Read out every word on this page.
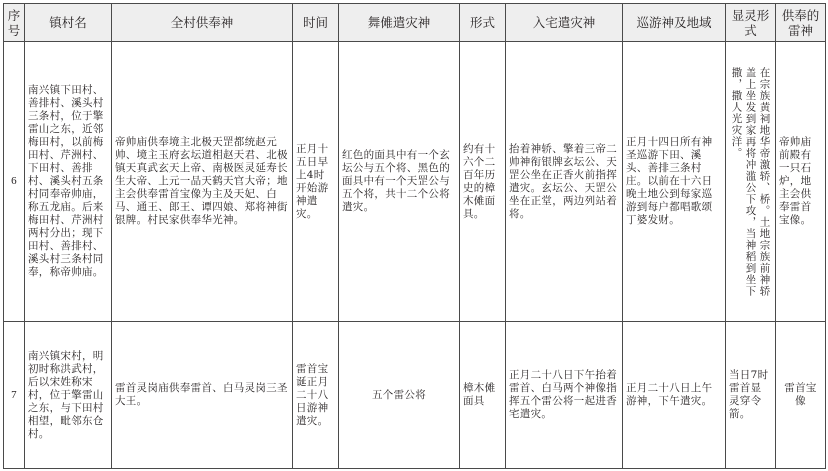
序号	镇村名	全村供奉神	时间	舞傩遣灾神	形式	入宅遣灾神	巡游神及地域	显灵形式	供奉的雷神
6	南兴镇下田村、善排村、溪头村三条村，位于擎雷山之东，近邻梅田村，以前梅田村、芹洲村、下田村、善排村、溪头村五条村同奉帝帅庙，称五龙庙。后来梅田村、芹洲村两村分出；现下田村、善排村、溪头村三条村同奉，称帝帅庙。	帝帅庙供奉境主北极天罡都统赵元帅、境主玉府玄坛道相赵天君、北极镇天真武玄天上帝、南极医灵延寿长生大帝、上元一品天鹤天官大帝；地主会供奉雷首宝像为主及天妃、白马、通王、郎王、谭四娘、郑将神街银牌。村民家供奉华光神。	正月十五日早上4时开始游神遣灾。	红色的面具中有一个玄坛公与五个将、黑色的面具中有一个天罡公与五个将，共十二个公将遣灾。	约有十六个二百年历史的樟木傩面具。	抬着神轿、擎着三帝二帅神衔银牌玄坛公、天罡公坐在正香火前指挥遣灾。玄坛公、天罡公坐在正堂，两边列站着将。	正月十四日所有神圣巡游下田、溪头、善排三条村庄。以前在十六日晚土地公到每家巡游到每户都唱歌颂丁婆发财。	在宗族黄祠地华帝激轿、桥。土地宗族前神轿盖上坐发到家再将冲滥公下攻，当神稻到坐下撒，撒人光灾洋。	帝帅庙前殿有一只石炉，地主会供奉雷首宝像。
7	南兴镇宋村，明初时称洪武村，后以宋姓称宋村，位于擎雷山之东，与下田村相望，毗邻东仓村。	雷首灵岗庙供奉雷首、白马灵岗三圣大王。	雷首宝诞正月二十八日游神遣灾。	五个雷公将	樟木傩面具	正月二十八日下午抬着雷首、白马两个神像指挥五个雷公将一起进香宅遣灾。	正月二十八日上午游神，下午遣灾。	当日7时雷首显灵穿令箭。	雷首宝像
